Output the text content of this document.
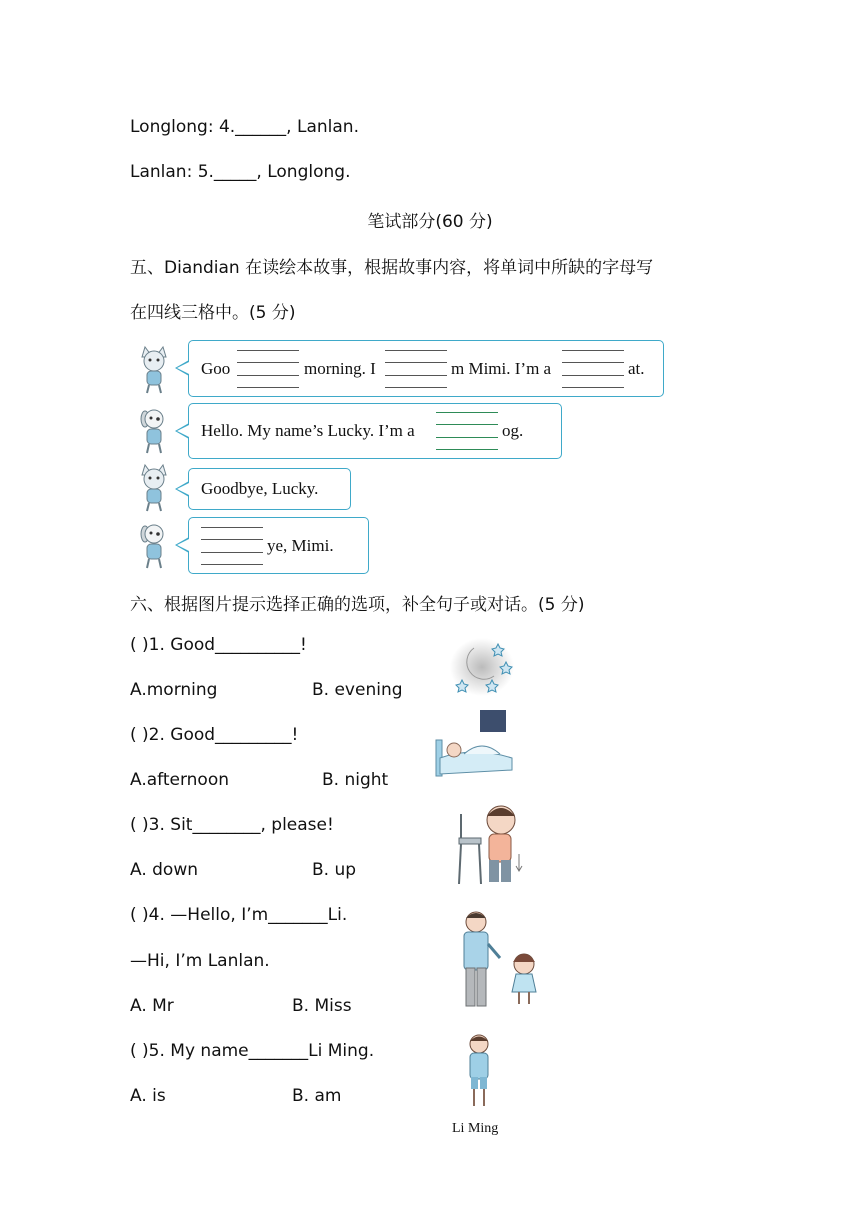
Longlong: 4.______, Lanlan.
Lanlan: 5._____, Longlong.
笔试部分(60 分)
五、Diandian 在读绘本故事，根据故事内容，将单词中所缺的字母写
在四线三格中。(5 分)
Goo	morning. I	m Mimi. I’m a	at.
Hello. My name’s Lucky. I’m a	og.
Goodbye, Lucky.
ye, Mimi.
六、根据图片提示选择正确的选项，补全句子或对话。(5 分)
( )1. Good__________!
A.morning	B. evening
( )2. Good_________!
A.afternoon	B. night
( )3. Sit________, please!
A. down	B. up
( )4. —Hello, I’m_______Li.
—Hi, I’m Lanlan.
A. Mr	B. Miss
( )5. My name_______Li Ming.
A. is	B. am
Li Ming
